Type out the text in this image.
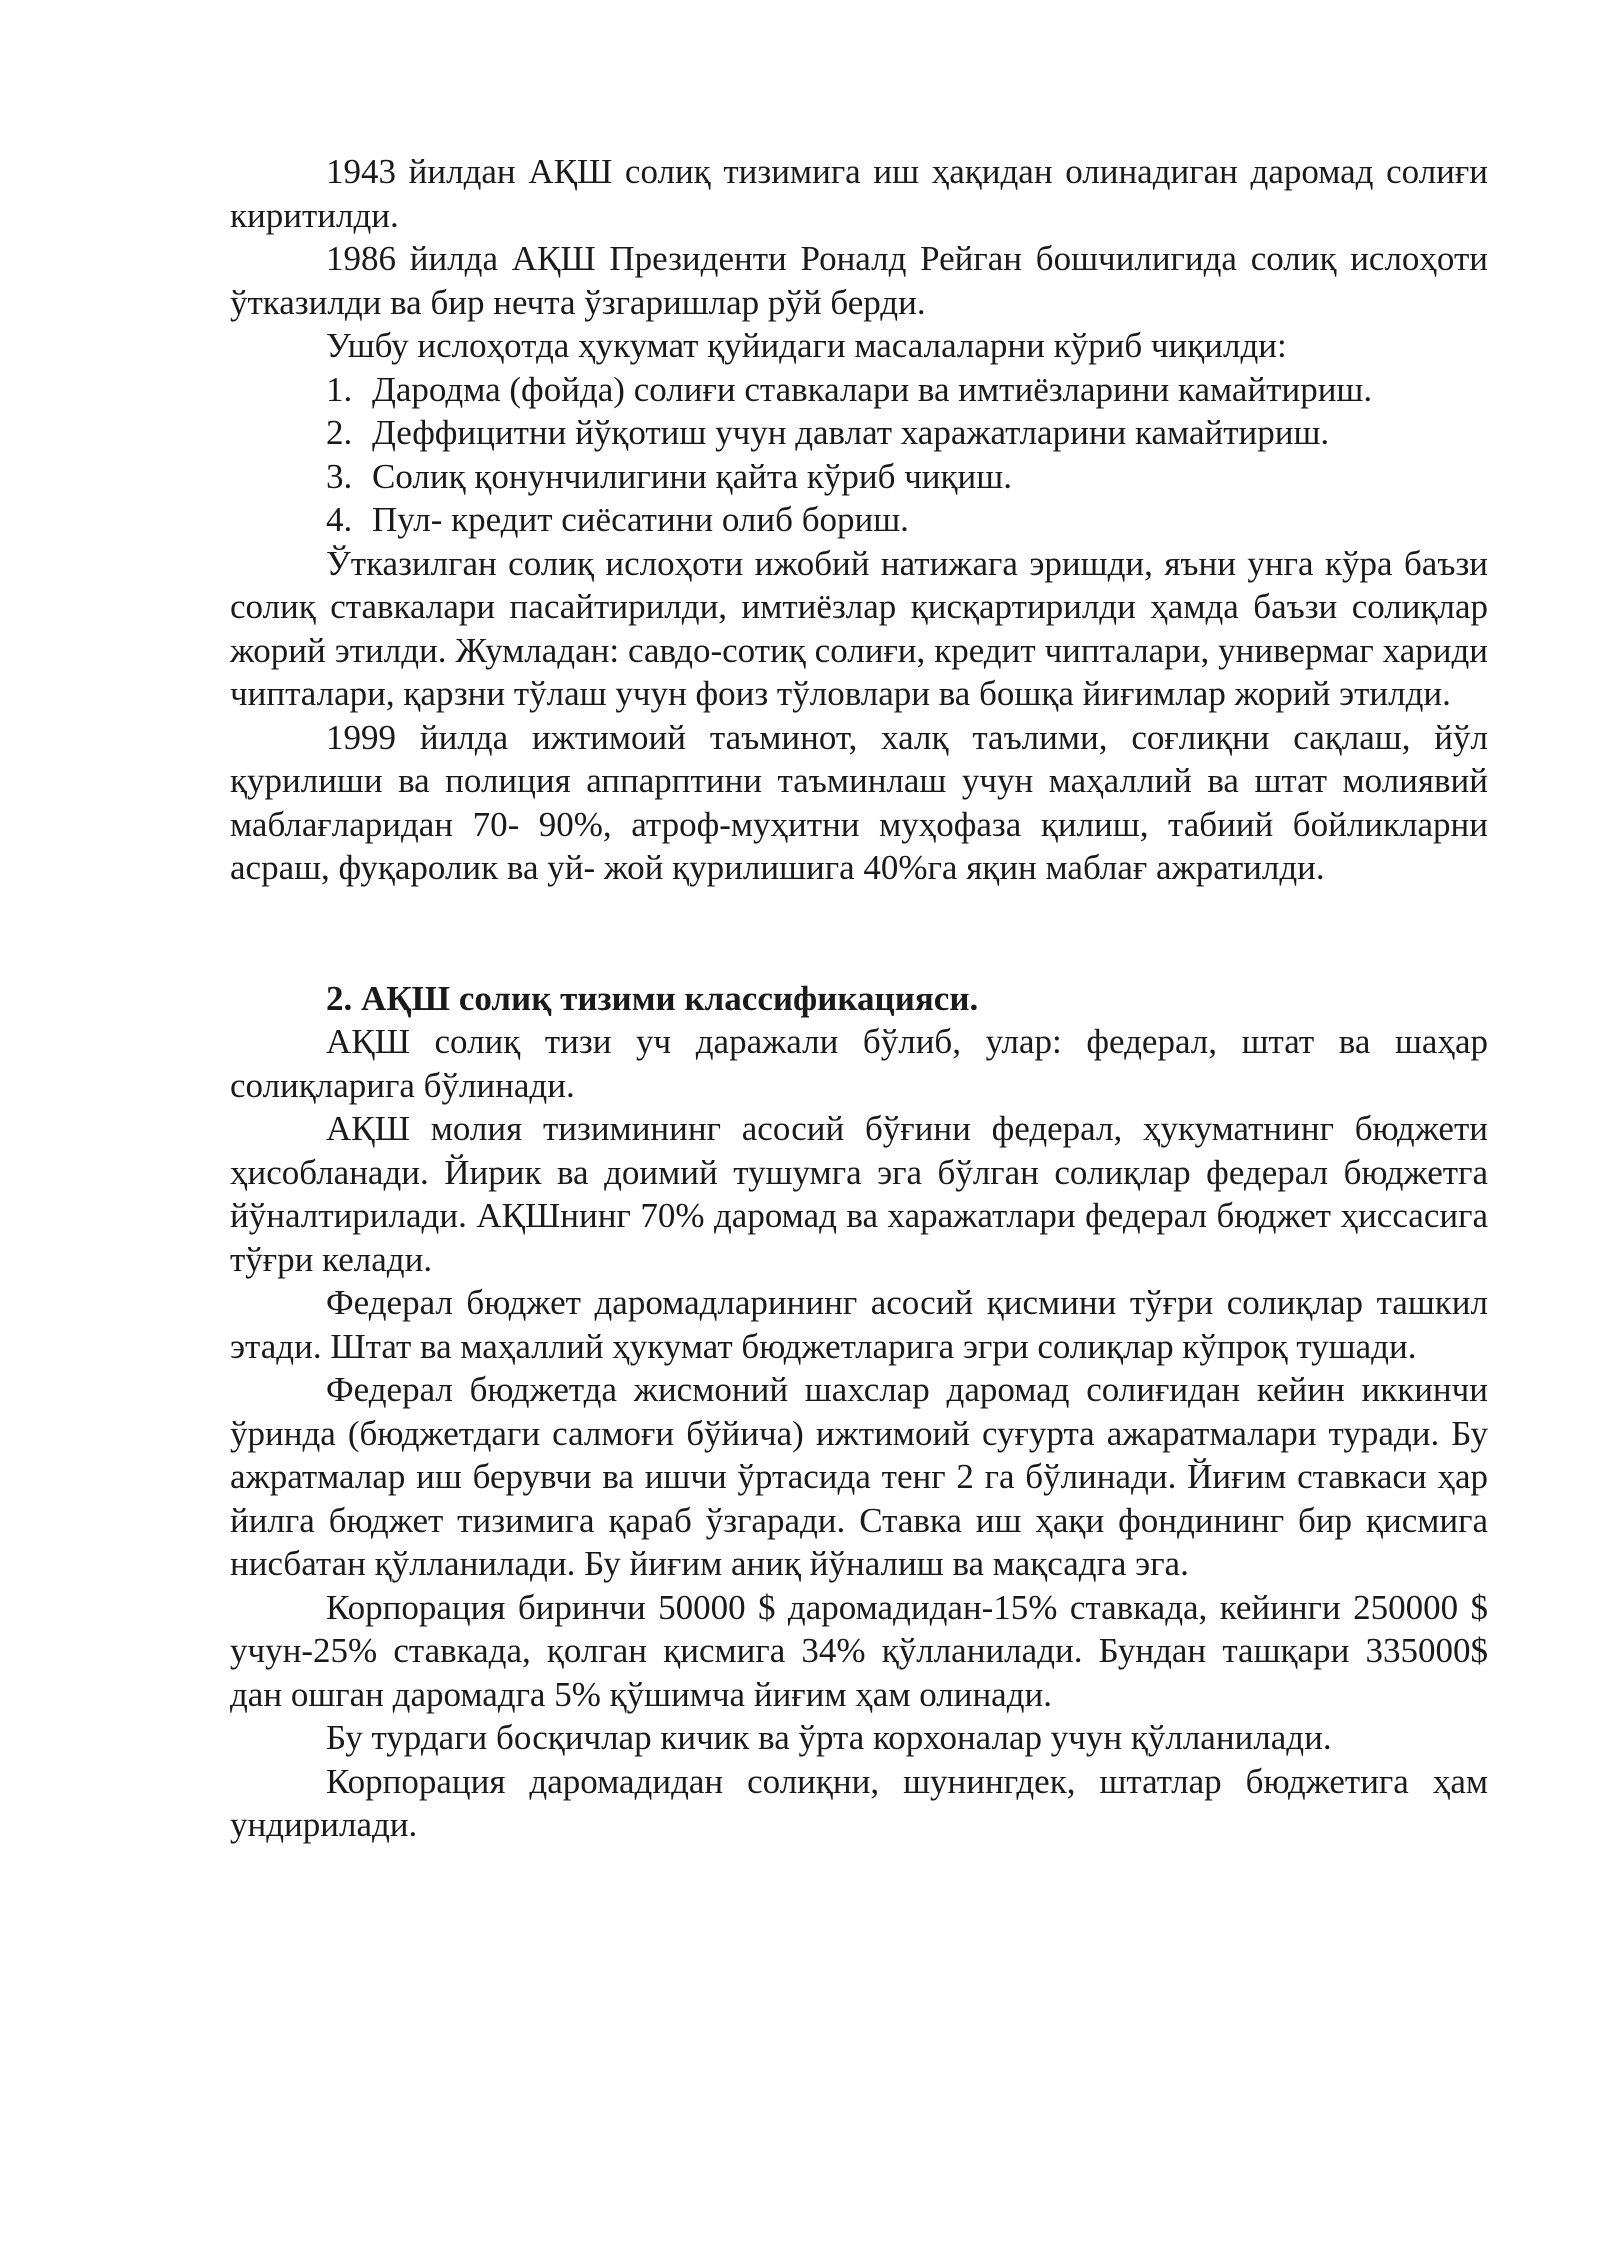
1943 йилдан АҚШ солиқ тизимига иш ҳақидан олинадиган даромад солиғи киритилди.

1986 йилда АҚШ Президенти Роналд Рейган бошчилигида солиқ ислоҳоти ўтказилди ва бир нечта ўзгаришлар рўй берди.

Ушбу ислоҳотда ҳукумат қуйидаги масалаларни кўриб чиқилди:

1. Дародма (фойда) солиғи ставкалари ва имтиёзларини камайтириш.
2. Деффицитни йўқотиш учун давлат харажатларини камайтириш.
3. Солиқ қонунчилигини қайта кўриб чиқиш.
4. Пул- кредит сиёсатини олиб бориш.

Ўтказилган солиқ ислоҳоти ижобий натижага эришди, яъни унга кўра баъзи солиқ ставкалари пасайтирилди, имтиёзлар қисқартирилди ҳамда баъзи солиқлар жорий этилди. Жумладан: савдо-сотиқ солиғи, кредит чипталари, универмаг хариди чипталари, қарзни тўлаш учун фоиз тўловлари ва бошқа йиғимлар жорий этилди.

1999 йилда ижтимоий таъминот, халқ таълими, соғлиқни сақлаш, йўл қурилиши ва полиция аппарптини таъминлаш учун маҳаллий ва штат молиявий маблағларидан 70- 90%, атроф-муҳитни муҳофаза қилиш, табиий бойликларни асраш, фуқаролик ва уй- жой қурилишига 40%га яқин маблағ ажратилди.

2. АҚШ солиқ тизими классификацияси.

АҚШ солиқ тизи уч даражали бўлиб, улар: федерал, штат ва шаҳар солиқларига бўлинади.

АҚШ молия тизимининг асосий бўғини федерал, ҳукуматнинг бюджети ҳисобланади. Йирик ва доимий тушумга эга бўлган солиқлар федерал бюджетга йўналтирилади. АҚШнинг 70% даромад ва харажатлари федерал бюджет ҳиссасига тўғри келади.

Федерал бюджет даромадларининг асосий қисмини тўғри солиқлар ташкил этади. Штат ва маҳаллий ҳукумат бюджетларига эгри солиқлар кўпроқ тушади.

Федерал бюджетда жисмоний шахслар даромад солиғидан кейин иккинчи ўринда (бюджетдаги салмоғи бўйича) ижтимоий суғурта ажаратмалари туради. Бу ажратмалар иш берувчи ва ишчи ўртасида тенг 2 га бўлинади. Йиғим ставкаси ҳар йилга бюджет тизимига қараб ўзгаради. Ставка иш ҳақи фондининг бир қисмига нисбатан қўлланилади. Бу йиғим аниқ йўналиш ва мақсадга эга.

Корпорация биринчи 50000 $ даромадидан-15% ставкада, кейинги 250000 $ учун-25% ставкада, қолган қисмига 34% қўлланилади. Бундан ташқари 335000$ дан ошган даромадга 5% қўшимча йиғим ҳам олинади.

Бу турдаги босқичлар кичик ва ўрта корхоналар учун қўлланилади.

Корпорация даромадидан солиқни, шунингдек, штатлар бюджетига ҳам ундирилади.
